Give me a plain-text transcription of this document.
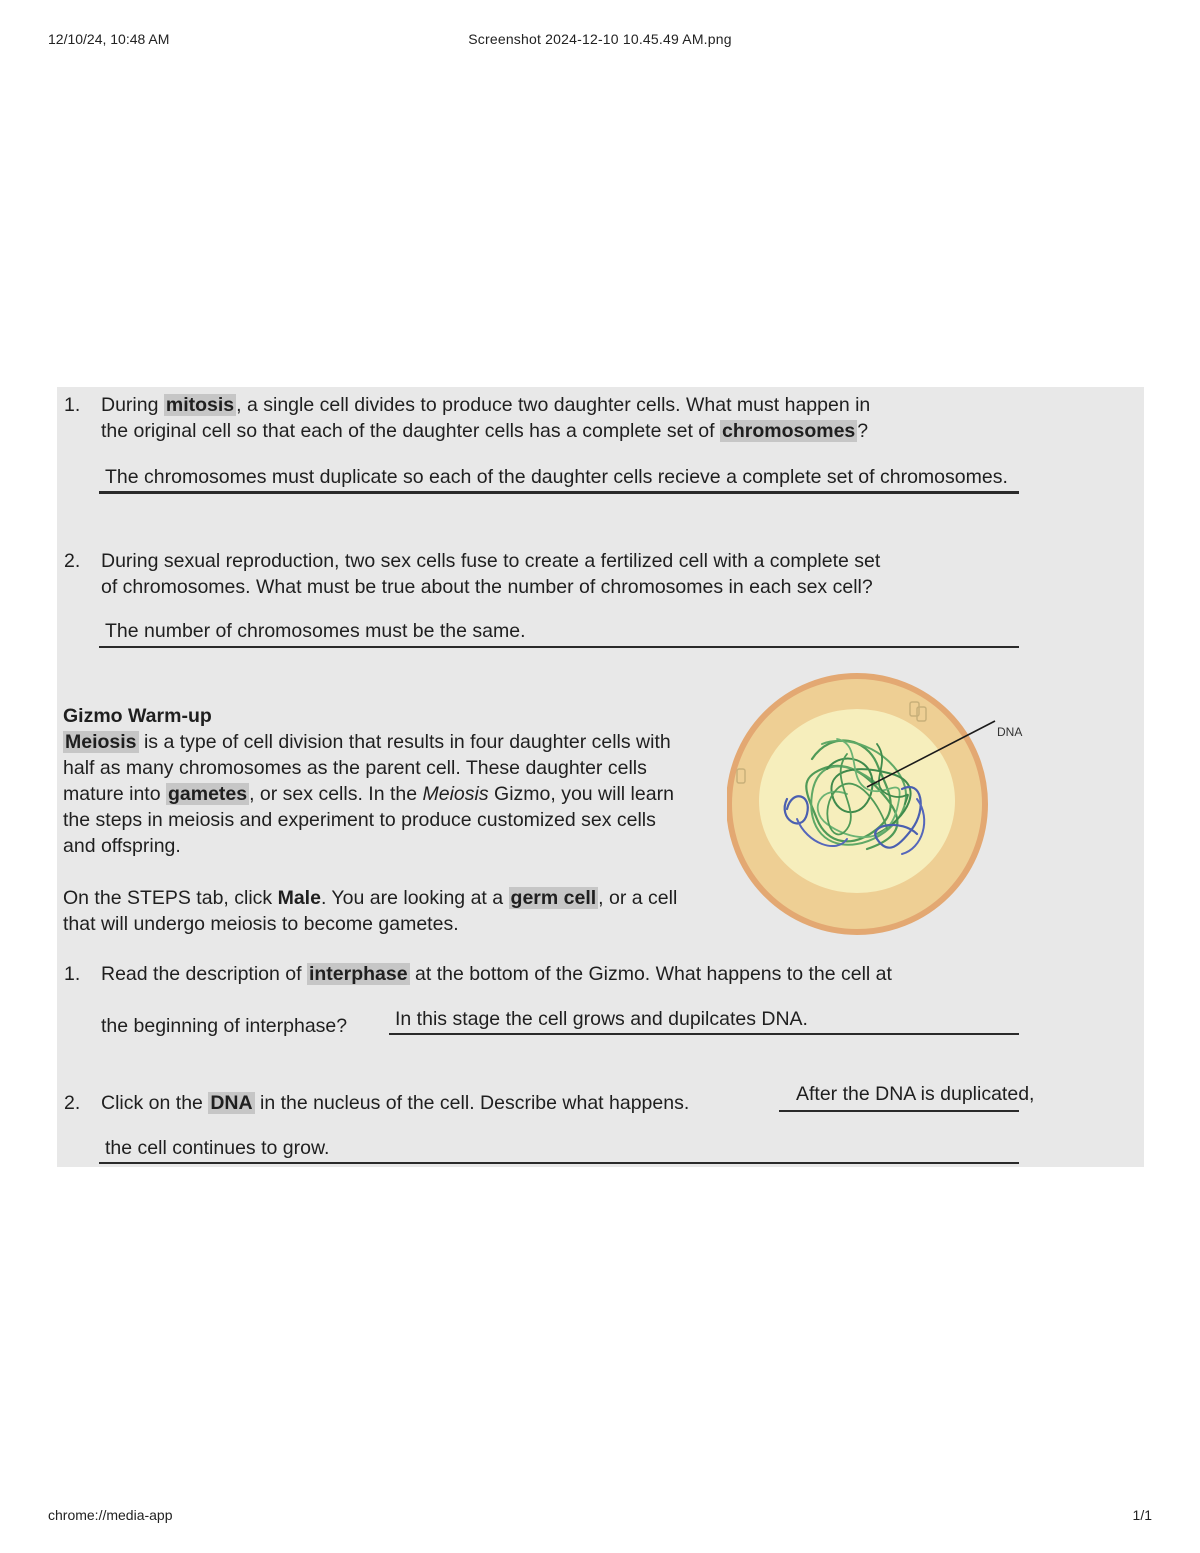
12/10/24, 10:48 AM	Screenshot 2024-12-10 10.45.49 AM.png
chrome://media-app	1/1
1. During mitosis , a single cell divides to produce two daughter cells. What must happen in
the original cell so that each of the daughter cells has a complete set of chromosomes ?
The chromosomes must duplicate so each of the daughter cells recieve a complete set of chromosomes.
2. During sexual reproduction, two sex cells fuse to create a fertilized cell with a complete set
of chromosomes. What must be true about the number of chromosomes in each sex cell?
The number of chromosomes must be the same.
Gizmo Warm-up

Meiosis is a type of cell division that results in four daughter cells with half as many chromosomes as the parent cell. These daughter cells mature into gametes , or sex cells. In the Meiosis Gizmo, you will learn the steps in meiosis and experiment to produce customized sex cells and offspring.

On the STEPS tab, click Male. You are looking at a germ cell , or a cell that will undergo meiosis to become gametes.

DNA
1. Read the description of interphase at the bottom of the Gizmo. What happens to the cell at
the beginning of interphase?	In this stage the cell grows and dupilcates DNA.
2. Click on the DNA in the nucleus of the cell. Describe what happens.	After the DNA is duplicated,
the cell continues to grow.
